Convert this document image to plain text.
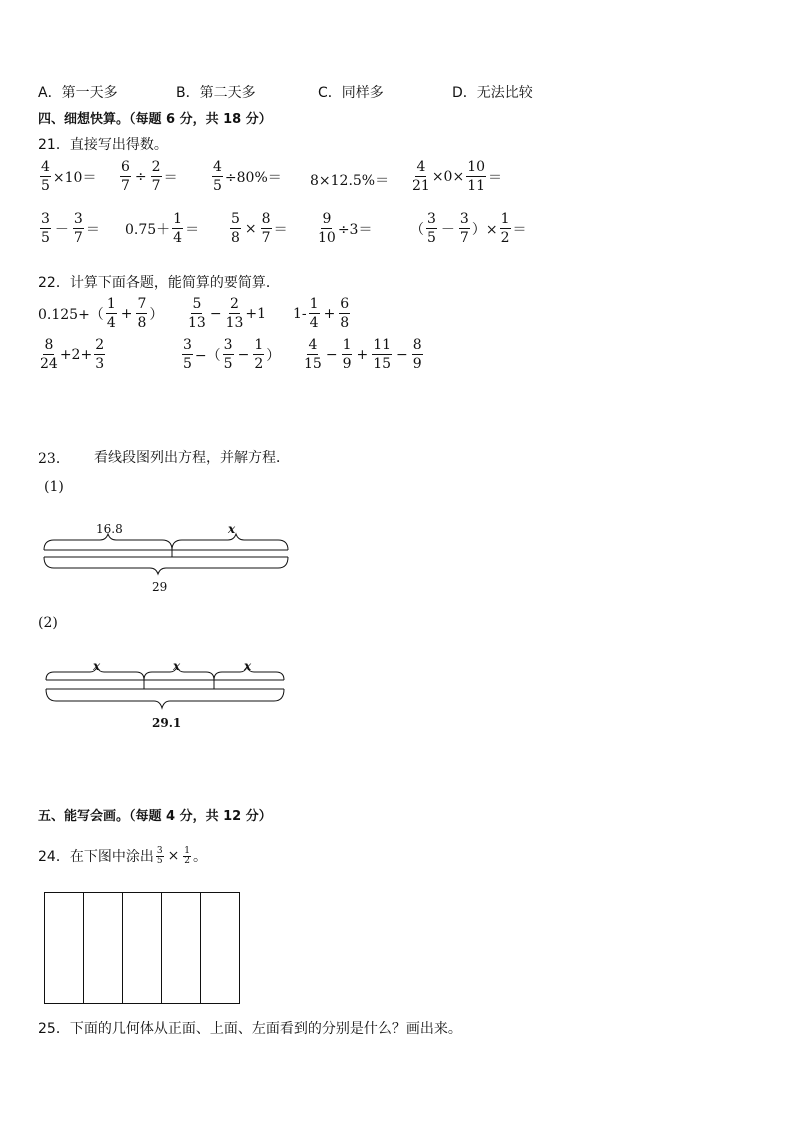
A．第一天多	B．第二天多	C．同样多	D．无法比较
四、细想快算。（每题 6 分，共 18 分）
21．直接写出得数。
$\frac{4}{5} \times 10= \frac{6}{7} \div \frac{2}{7} = \frac{4}{5} \div 80\%= 8\times 12.5\%= \frac{4}{21} \times 0\times \frac{10}{11}$ ＝
$\frac{3}{5} - \frac{3}{7} = 0.75+ \frac{1}{4} = \frac{5}{8} \times \frac{8}{7} = \frac{9}{10} \div 3=$	（ $\frac{3}{5} - \frac{3}{7}$ ）× $\frac{1}{2}$ ＝
22．计算下面各题，能简算的要简算．
$0.125+( \frac{1}{4} + \frac{7}{8}$ ） $\frac{5}{13} - \frac{2}{13} +1$ $1- \frac{1}{4} + \frac{6}{8}$
$\frac{8}{24} +2+ \frac{2}{3}$	$\frac{3}{5}$ −（ $\frac{3}{5} - \frac{1}{2}$ ） $\frac{4}{15} - \frac{1}{9} + \frac{11}{15} - \frac{8}{9}$
23． 看线段图列出方程，并解方程．
(1)
16.8	x
29
(2)
x	x	x
29.1
五、能写会画。（每题 4 分，共 12 分）
24．在下图中涂出 $\frac{3}{5} \times \frac{1}{2}$ 。
25．下面的几何体从正面、上面、左面看到的分别是什么？画出来。
